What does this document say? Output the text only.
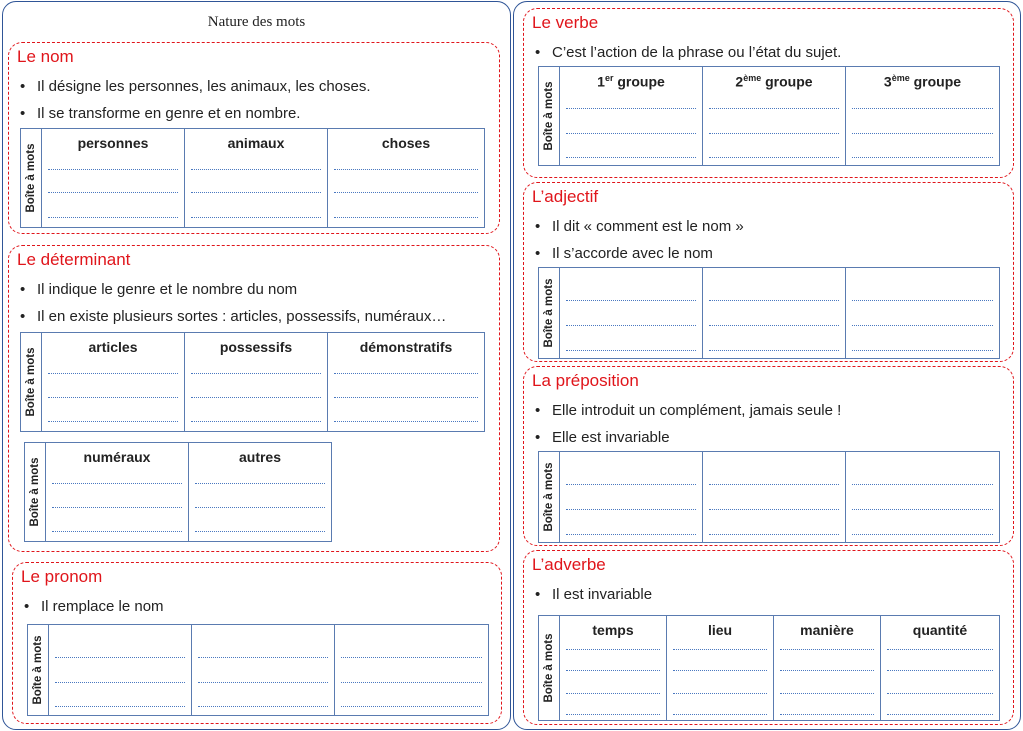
Nature des mots
Le nom
• Il désigne les personnes, les animaux, les choses.
• Il se transforme en genre et en nombre.
Boîte à mots
personnes	animaux	choses
Le déterminant
• Il indique le genre et le nombre du nom
• Il en existe plusieurs sortes : articles, possessifs, numéraux…
Boîte à mots
articles	possessifs	démonstratifs
Boîte à mots
numéraux	autres
Le pronom
• Il remplace le nom
Boîte à mots
Le verbe
• C’est l’action de la phrase ou l’état du sujet.
Boîte à mots	1er groupe	2ème groupe	3ème groupe
L’adjectif
• Il dit « comment est le nom »
• Il s’accorde avec le nom
Boîte à mots
La préposition
• Elle introduit un complément, jamais seule !
• Elle est invariable
Boîte à mots
L’adverbe
• Il est invariable
Boîte à mots
temps	lieu	manière	quantité
